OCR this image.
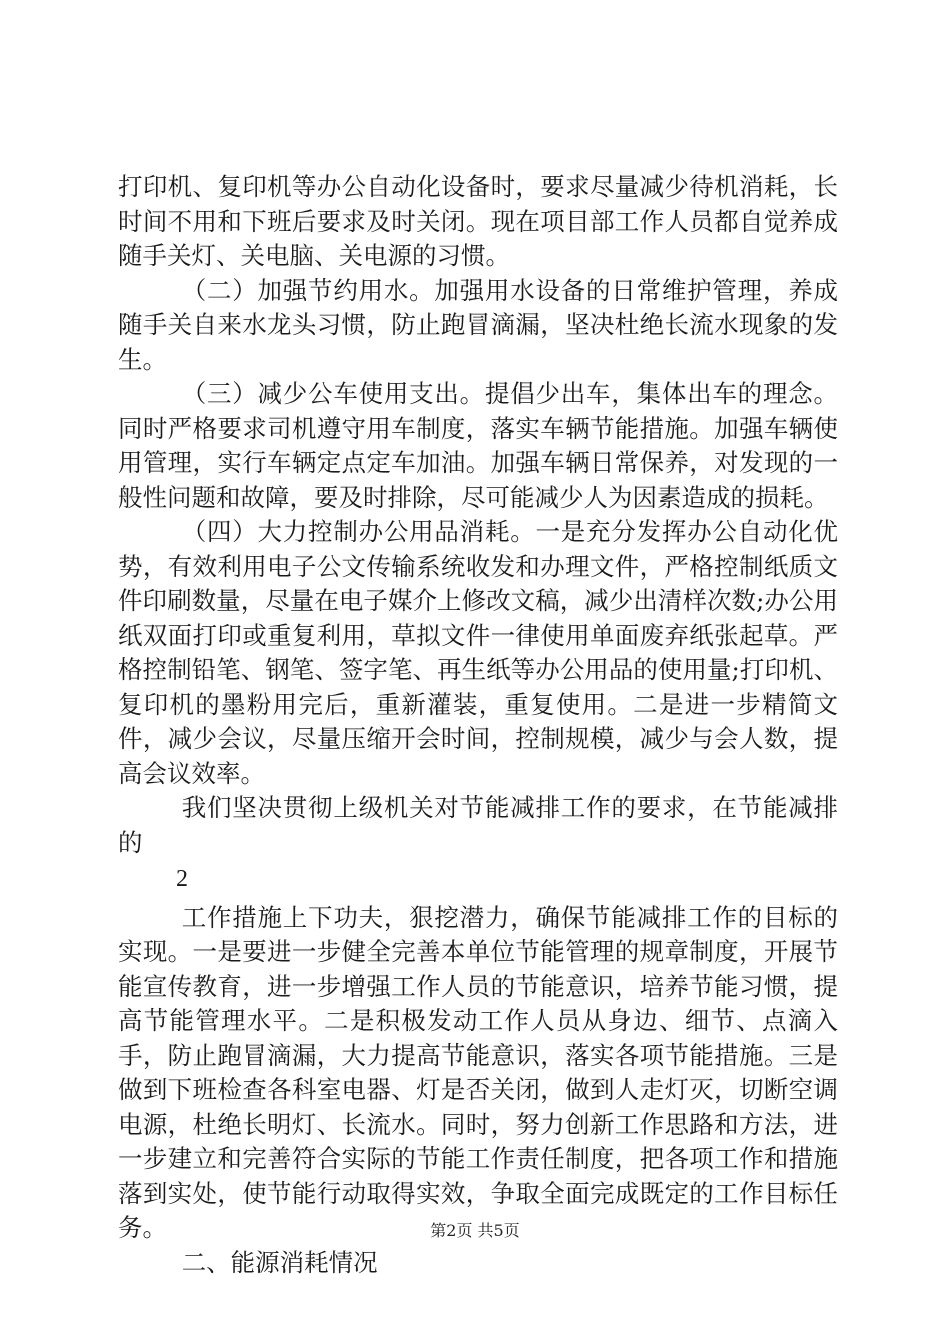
打印机、复印机等办公自动化设备时，要求尽量减少待机消耗，长时间不用和下班后要求及时关闭。现在项目部工作人员都自觉养成随手关灯、关电脑、关电源的习惯。

（二）加强节约用水。加强用水设备的日常维护管理，养成随手关自来水龙头习惯，防止跑冒滴漏，坚决杜绝长流水现象的发生。

（三）减少公车使用支出。提倡少出车，集体出车的理念。同时严格要求司机遵守用车制度，落实车辆节能措施。加强车辆使用管理，实行车辆定点定车加油。加强车辆日常保养，对发现的一般性问题和故障，要及时排除，尽可能减少人为因素造成的损耗。

（四）大力控制办公用品消耗。一是充分发挥办公自动化优势，有效利用电子公文传输系统收发和办理文件，严格控制纸质文件印刷数量，尽量在电子媒介上修改文稿，减少出清样次数;办公用纸双面打印或重复利用，草拟文件一律使用单面废弃纸张起草。严格控制铅笔、钢笔、签字笔、再生纸等办公用品的使用量;打印机、复印机的墨粉用完后，重新灌装，重复使用。二是进一步精简文件，减少会议，尽量压缩开会时间，控制规模，减少与会人数，提高会议效率。

我们坚决贯彻上级机关对节能减排工作的要求，在节能减排的

2

工作措施上下功夫，狠挖潜力，确保节能减排工作的目标的实现。一是要进一步健全完善本单位节能管理的规章制度，开展节能宣传教育，进一步增强工作人员的节能意识，培养节能习惯，提高节能管理水平。二是积极发动工作人员从身边、细节、点滴入手，防止跑冒滴漏，大力提高节能意识，落实各项节能措施。三是做到下班检查各科室电器、灯是否关闭，做到人走灯灭，切断空调电源，杜绝长明灯、长流水。同时，努力创新工作思路和方法，进一步建立和完善符合实际的节能工作责任制度，把各项工作和措施落到实处，使节能行动取得实效，争取全面完成既定的工作目标任务。

二、能源消耗情况

第2页 共5页
